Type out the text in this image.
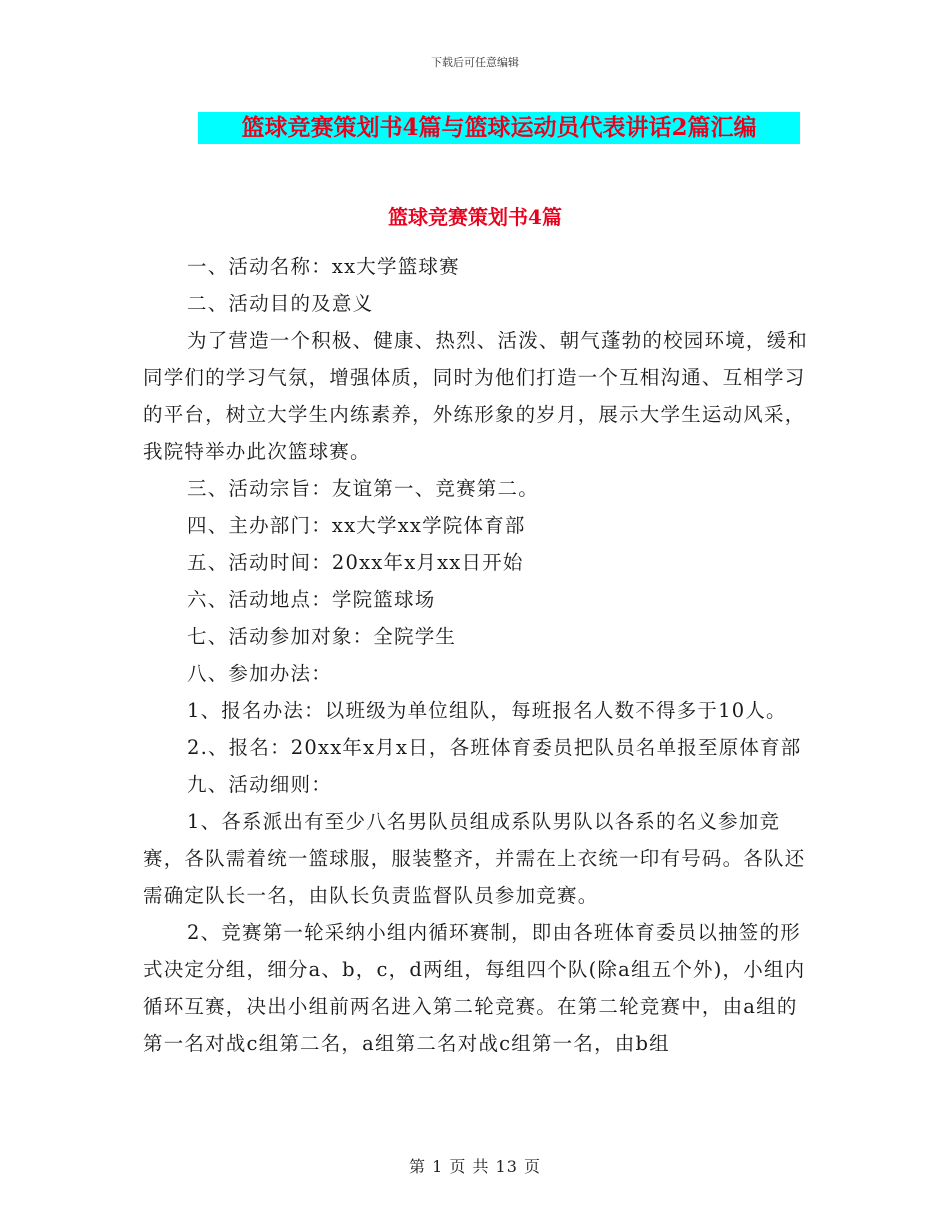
下载后可任意编辑
篮球竞赛策划书4篇与篮球运动员代表讲话2篇汇编
篮球竞赛策划书4篇

一、活动名称：xx大学篮球赛

二、活动目的及意义

为了营造一个积极、健康、热烈、活泼、朝气蓬勃的校园环境，缓和同学们的学习气氛，增强体质，同时为他们打造一个互相沟通、互相学习的平台，树立大学生内练素养，外练形象的岁月，展示大学生运动风采，我院特举办此次篮球赛。

三、活动宗旨：友谊第一、竞赛第二。

四、主办部门：xx大学xx学院体育部

五、活动时间：20xx年x月xx日开始

六、活动地点：学院篮球场

七、活动参加对象：全院学生

八、参加办法：

1、报名办法：以班级为单位组队，每班报名人数不得多于10人。

2.、报名：20xx年x月x日，各班体育委员把队员名单报至原体育部

九、活动细则：

1、各系派出有至少八名男队员组成系队男队以各系的名义参加竞赛，各队需着统一篮球服，服装整齐，并需在上衣统一印有号码。各队还需确定队长一名，由队长负责监督队员参加竞赛。

2、竞赛第一轮采纳小组内循环赛制，即由各班体育委员以抽签的形式决定分组，细分a、b，c，d两组，每组四个队(除a组五个外)，小组内循环互赛，决出小组前两名进入第二轮竞赛。在第二轮竞赛中，由a组的第一名对战c组第二名，a组第二名对战c组第一名，由b组

第 1 页 共 13 页
